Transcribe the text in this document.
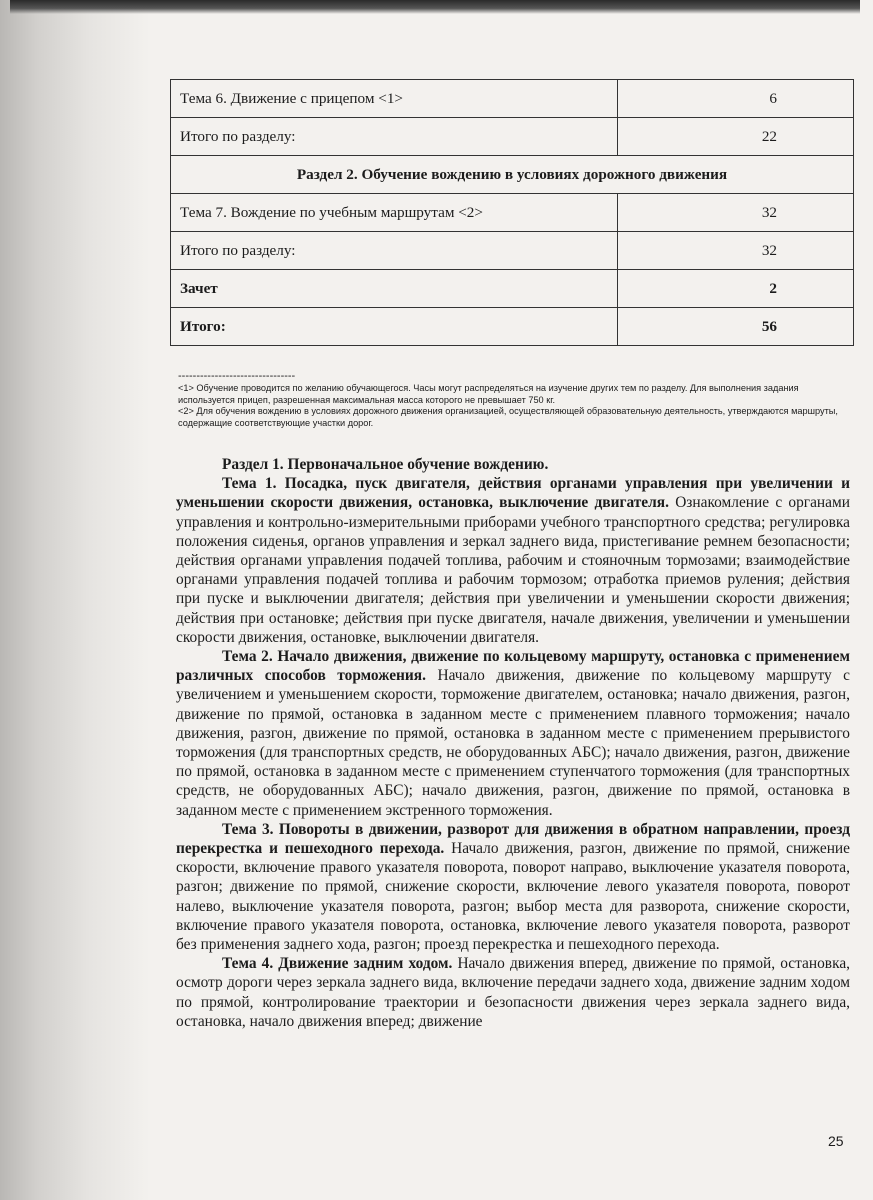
Тема 6. Движение с прицепом <1>	6
Итого по разделу:	22
Раздел 2. Обучение вождению в условиях дорожного движения	
Тема 7. Вождение по учебным маршрутам <2>	32
Итого по разделу:	32
Зачет	2
Итого:	56
--------------------------------

<1> Обучение проводится по желанию обучающегося. Часы могут распределяться на изучение других тем по разделу. Для выполнения задания используется прицеп, разрешенная максимальная масса которого не превышает 750 кг.

<2> Для обучения вождению в условиях дорожного движения организацией, осуществляющей образовательную деятельность, утверждаются маршруты, содержащие соответствующие участки дорог.

Раздел 1. Первоначальное обучение вождению.

Тема 1. Посадка, пуск двигателя, действия органами управления при увеличении и уменьшении скорости движения, остановка, выключение двигателя. Ознакомление с органами управления и контрольно-измерительными приборами учебного транспортного средства; регулировка положения сиденья, органов управления и зеркал заднего вида, пристегивание ремнем безопасности; действия органами управления подачей топлива, рабочим и стояночным тормозами; взаимодействие органами управления подачей топлива и рабочим тормозом; отработка приемов руления; действия при пуске и выключении двигателя; действия при увеличении и уменьшении скорости движения; действия при остановке; действия при пуске двигателя, начале движения, увеличении и уменьшении скорости движения, остановке, выключении двигателя.

Тема 2. Начало движения, движение по кольцевому маршруту, остановка с применением различных способов торможения. Начало движения, движение по кольцевому маршруту с увеличением и уменьшением скорости, торможение двигателем, остановка; начало движения, разгон, движение по прямой, остановка в заданном месте с применением плавного торможения; начало движения, разгон, движение по прямой, остановка в заданном месте с применением прерывистого торможения (для транспортных средств, не оборудованных АБС); начало движения, разгон, движение по прямой, остановка в заданном месте с применением ступенчатого торможения (для транспортных средств, не оборудованных АБС); начало движения, разгон, движение по прямой, остановка в заданном месте с применением экстренного торможения.

Тема 3. Повороты в движении, разворот для движения в обратном направлении, проезд перекрестка и пешеходного перехода. Начало движения, разгон, движение по прямой, снижение скорости, включение правого указателя поворота, поворот направо, выключение указателя поворота, разгон; движение по прямой, снижение скорости, включение левого указателя поворота, поворот налево, выключение указателя поворота, разгон; выбор места для разворота, снижение скорости, включение правого указателя поворота, остановка, включение левого указателя поворота, разворот без применения заднего хода, разгон; проезд перекрестка и пешеходного перехода.

Тема 4. Движение задним ходом. Начало движения вперед, движение по прямой, остановка, осмотр дороги через зеркала заднего вида, включение передачи заднего хода, движение задним ходом по прямой, контролирование траектории и безопасности движения через зеркала заднего вида, остановка, начало движения вперед; движение

25
